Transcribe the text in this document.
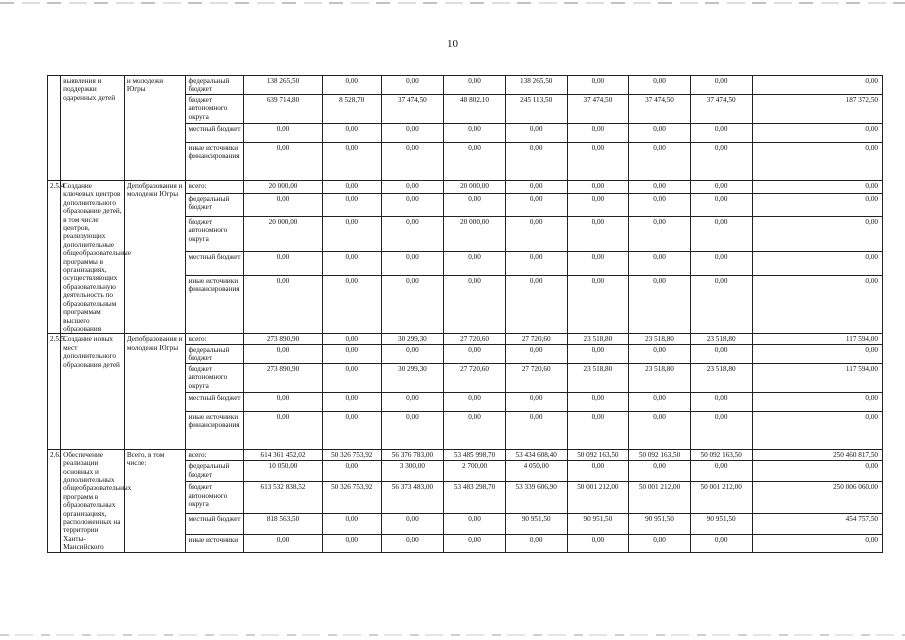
10
	выявления и поддержки одаренных детей	и молодежи Югры	федеральный бюджет	138 265,50	0,00	0,00	0,00	138 265,50	0,00	0,00	0,00	0,00
			бюджет автономного округа	639 714,80	8 528,70	37 474,50	48 802,10	245 113,50	37 474,50	37 474,50	37 474,50	187 372,50
			местный бюджет	0,00	0,00	0,00	0,00	0,00	0,00	0,00	0,00	0,00
			иные источники финансирования	0,00	0,00	0,00	0,00	0,00	0,00	0,00	0,00	0,00
2.5.4	Создание ключевых центров дополнительного образование детей, в том числе центров, реализующих дополнительные общеобразовательные программы в организациях, осуществляющих образовательную деятельность по образовательным программам высшего образования	Депобразования и молодежи Югры	всего:	20 000,00	0,00	0,00	20 000,00	0,00	0,00	0,00	0,00	0,00
			федеральный бюджет	0,00	0,00	0,00	0,00	0,00	0,00	0,00	0,00	0,00
			бюджет автономного округа	20 000,00	0,00	0,00	20 000,00	0,00	0,00	0,00	0,00	0,00
			местный бюджет	0,00	0,00	0,00	0,00	0,00	0,00	0,00	0,00	0,00
			иные источники финансирования	0,00	0,00	0,00	0,00	0,00	0,00	0,00	0,00	0,00
2.5.5.	Создание новых мест дополнительного образования детей	Депобразования и молодежи Югры	всего:	273 890,90	0,00	30 299,30	27 720,60	27 720,60	23 518,80	23 518,80	23 518,80	117 594,00
			федеральный бюджет	0,00	0,00	0,00	0,00	0,00	0,00	0,00	0,00	0,00
			бюджет автономного округа	273 890,90	0,00	30 299,30	27 720,60	27 720,60	23 518,80	23 518,80	23 518,80	117 594,00
			местный бюджет	0,00	0,00	0,00	0,00	0,00	0,00	0,00	0,00	0,00
			иные источники финансирования	0,00	0,00	0,00	0,00	0,00	0,00	0,00	0,00	0,00
2.6.	Обеспечение реализации основных и дополнительных общеобразовательных программ в образовательных организациях, расположенных на территории Ханты-Мансийского	Всего, в том числе:	всего:	614 361 452,02	50 326 753,92	56 376 783,00	53 485 998,70	53 434 608,40	50 092 163,50	50 092 163,50	50 092 163,50	250 460 817,50
			федеральный бюджет	10 050,00	0,00	3 300,00	2 700,00	4 050,00	0,00	0,00	0,00	0,00
			бюджет автономного округа	613 532 838,52	50 326 753,92	56 373 483,00	53 483 298,70	53 339 606,90	50 001 212,00	50 001 212,00	50 001 212,00	250 006 060,00
			местный бюджет	818 563,50	0,00	0,00	0,00	90 951,50	90 951,50	90 951,50	90 951,50	454 757,50
			иные источники	0,00	0,00	0,00	0,00	0,00	0,00	0,00	0,00	0,00
